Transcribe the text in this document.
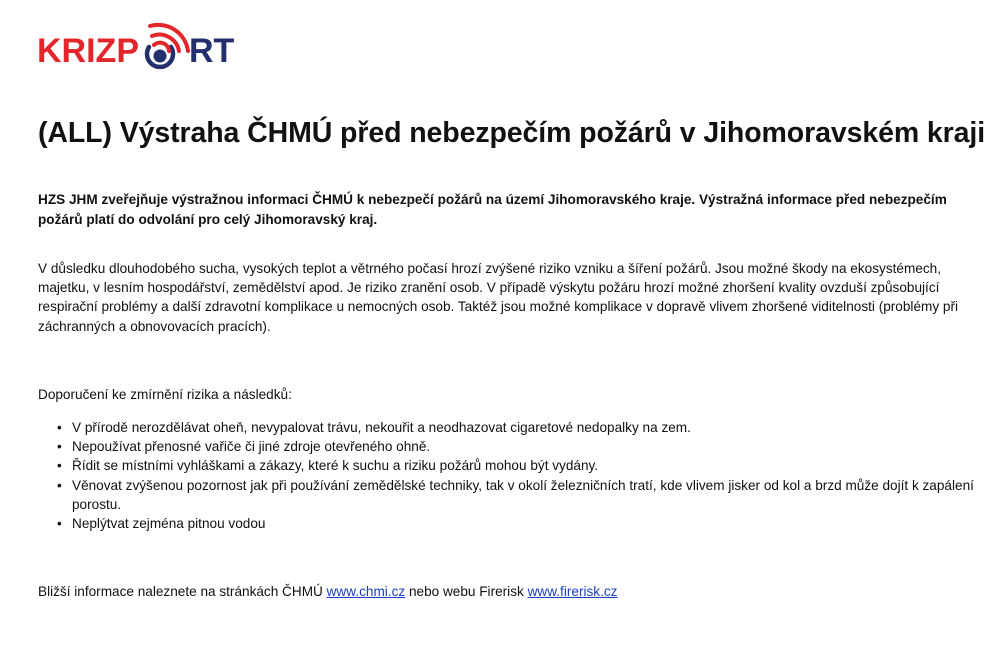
KRIZP RT
(ALL) Výstraha ČHMÚ před nebezpečím požárů v Jihomoravském kraji

HZS JHM zveřejňuje výstražnou informaci ČHMÚ k nebezpečí požárů na území Jihomoravského kraje. Výstražná informace před nebezpečím požárů platí do odvolání pro celý Jihomoravský kraj.

V důsledku dlouhodobého sucha, vysokých teplot a větrného počasí hrozí zvýšené riziko vzniku a šíření požárů. Jsou možné škody na ekosystémech, majetku, v lesním hospodářství, zemědělství apod. Je riziko zranění osob. V případě výskytu požáru hrozí možné zhoršení kvality ovzduší způsobující respirační problémy a další zdravotní komplikace u nemocných osob. Taktéž jsou možné komplikace v dopravě vlivem zhoršené viditelnosti (problémy při záchranných a obnovovacích pracích).

Doporučení ke zmírnění rizika a následků:

• V přírodě nerozdělávat oheň, nevypalovat trávu, nekouřit a neodhazovat cigaretové nedopalky na zem.
• Nepoužívat přenosné vařiče či jiné zdroje otevřeného ohně.
• Řídit se místními vyhláškami a zákazy, které k suchu a riziku požárů mohou být vydány.
• Věnovat zvýšenou pozornost jak při používání zemědělské techniky, tak v okolí železničních tratí, kde vlivem jisker od kol a brzd může dojít k zapálení porostu.
• Neplýtvat zejména pitnou vodou

Bližší informace naleznete na stránkách ČHMÚ www.chmi.cz nebo webu Firerisk www.firerisk.cz
